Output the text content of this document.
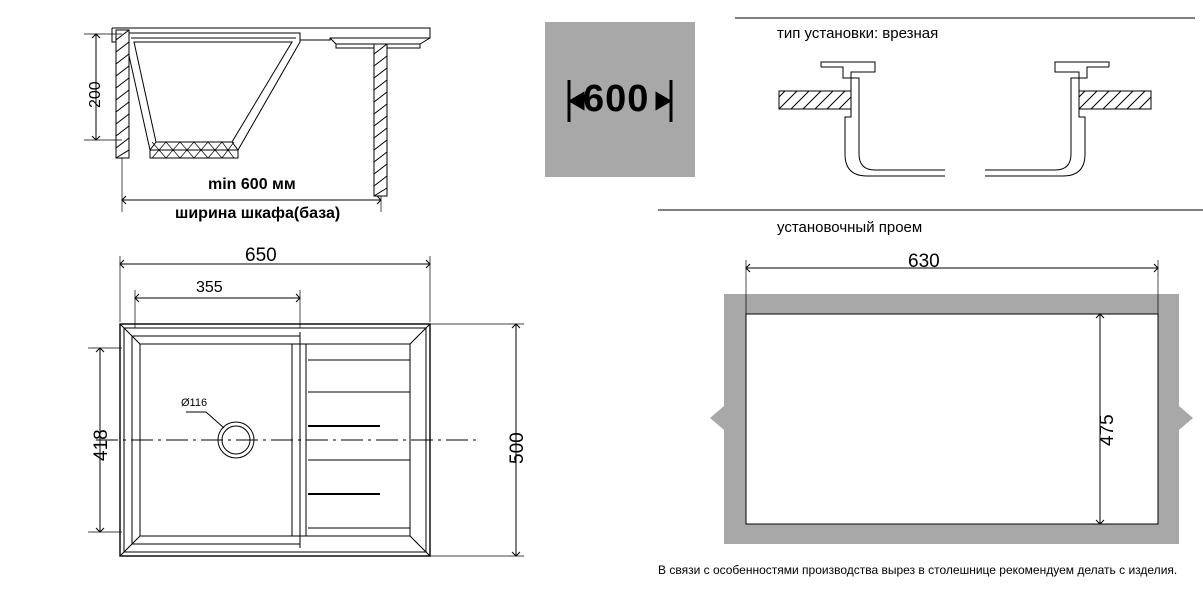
200
min 600 мм
ширина шкафа(база)
600
тип установки: врезная
650
355
418	500
Ø116
установочный проем
630
475
В связи с особенностями производства вырез в столешнице рекомендуем делать с изделия.
